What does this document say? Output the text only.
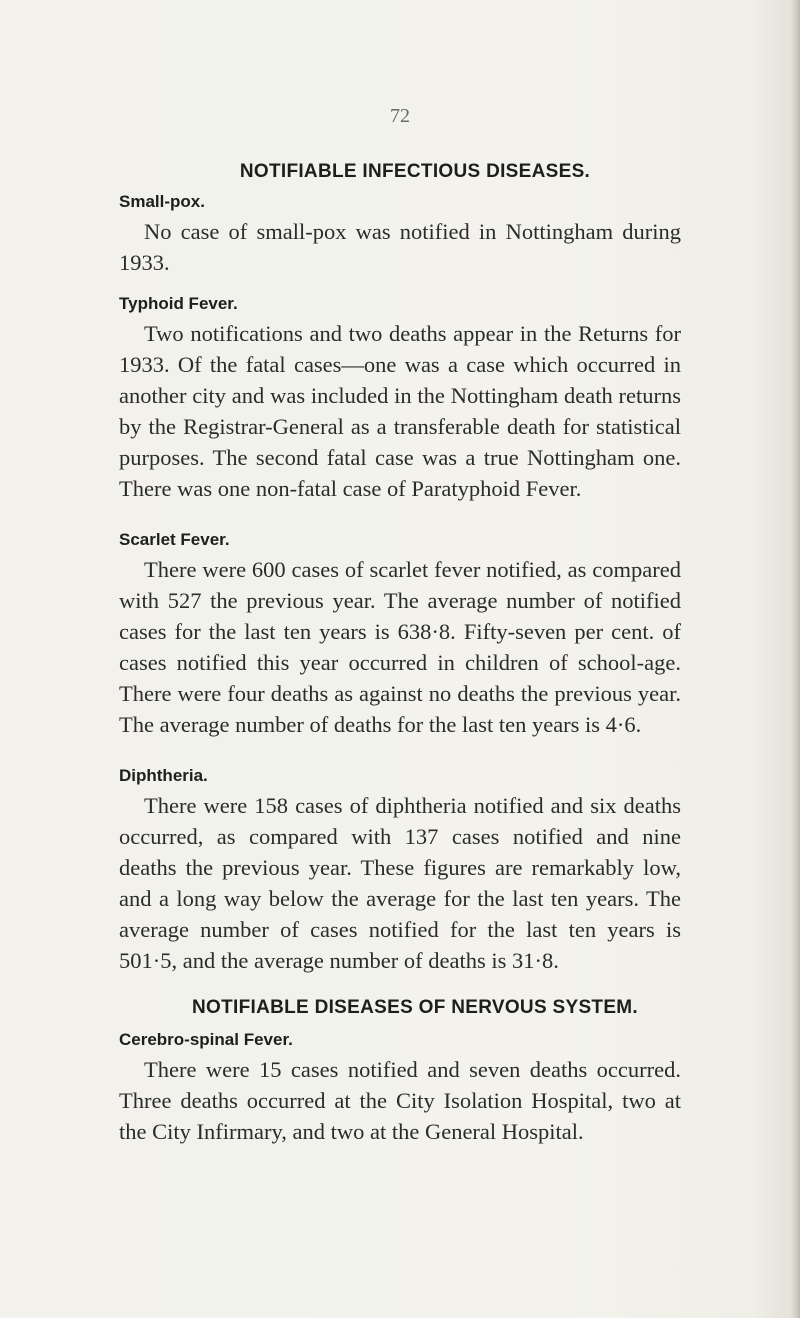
72

NOTIFIABLE INFECTIOUS DISEASES.
Small-pox.

No case of small-pox was notified in Nottingham during 1933.

Typhoid Fever.

Two notifications and two deaths appear in the Returns for 1933. Of the fatal cases—one was a case which occurred in another city and was included in the Nottingham death returns by the Registrar-General as a transferable death for statistical purposes. The second fatal case was a true Nottingham one. There was one non-fatal case of Paratyphoid Fever.

Scarlet Fever.

There were 600 cases of scarlet fever notified, as compared with 527 the previous year. The average number of notified cases for the last ten years is 638·8. Fifty-seven per cent. of cases notified this year occurred in children of school-age. There were four deaths as against no deaths the previous year. The average number of deaths for the last ten years is 4·6.

Diphtheria.

There were 158 cases of diphtheria notified and six deaths occurred, as compared with 137 cases notified and nine deaths the previous year. These figures are remarkably low, and a long way below the average for the last ten years. The average number of cases notified for the last ten years is 501·5, and the average number of deaths is 31·8.

NOTIFIABLE DISEASES OF NERVOUS SYSTEM.
Cerebro-spinal Fever.

There were 15 cases notified and seven deaths occurred. Three deaths occurred at the City Isolation Hospital, two at the City Infirmary, and two at the General Hospital.
